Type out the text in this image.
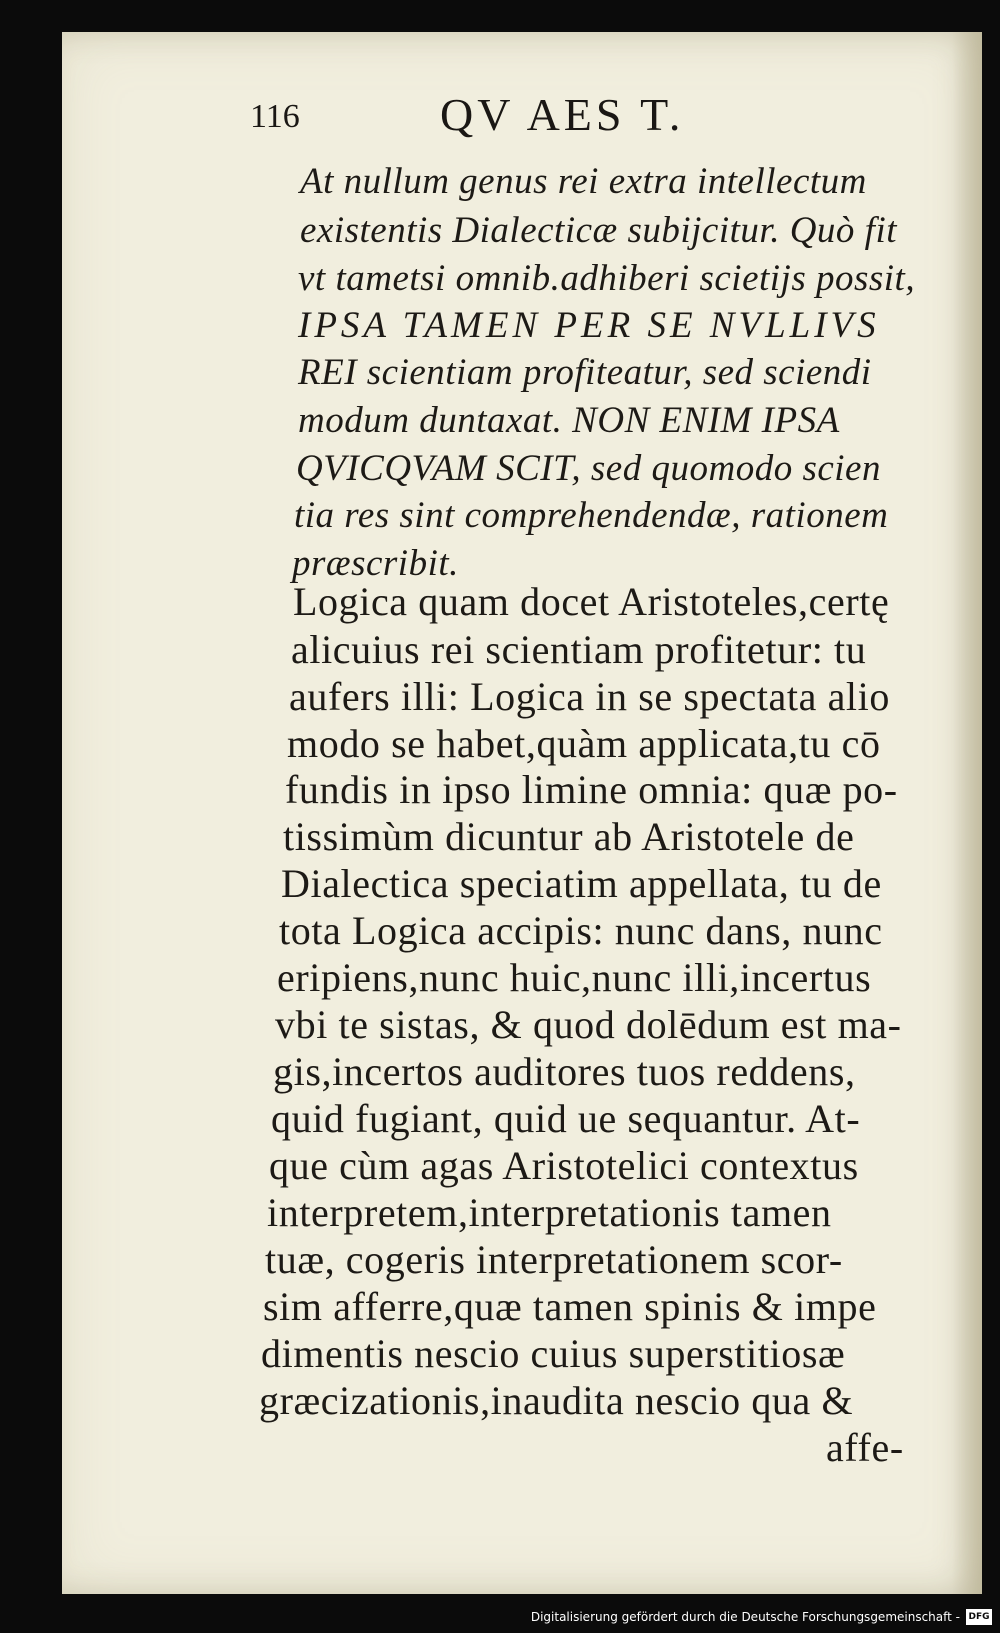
116	QV AES T.
At nullum genus rei extra intellectum
existentis Dialecticæ subijcitur. Quò fit
vt tametsi omnib.adhiberi scietijs possit,
IPSA TAMEN PER SE NVLLIVS
REI scientiam profiteatur, sed sciendi
modum duntaxat. NON ENIM IPSA
QVICQVAM SCIT, sed quomodo scien
tia res sint comprehendendæ, rationem
præscribit.
Logica quam docet Aristoteles,certę
alicuius rei scientiam profitetur: tu
aufers illi: Logica in se spectata alio
modo se habet,quàm applicata,tu cō
fundis in ipso limine omnia: quæ po-
tissimùm dicuntur ab Aristotele de
Dialectica speciatim appellata, tu de
tota Logica accipis: nunc dans, nunc
eripiens,nunc huic,nunc illi,incertus
vbi te sistas, & quod dolēdum est ma-
gis,incertos auditores tuos reddens,
quid fugiant, quid ue sequantur. At-
que cùm agas Aristotelici contextus
interpretem,interpretationis tamen
tuæ, cogeris interpretationem scor-
sim afferre,quæ tamen spinis & impe
dimentis nescio cuius superstitiosæ
græcizationis,inaudita nescio qua &
affe-
Digitalisierung gefördert durch die Deutsche Forschungsgemeinschaft - DFG
